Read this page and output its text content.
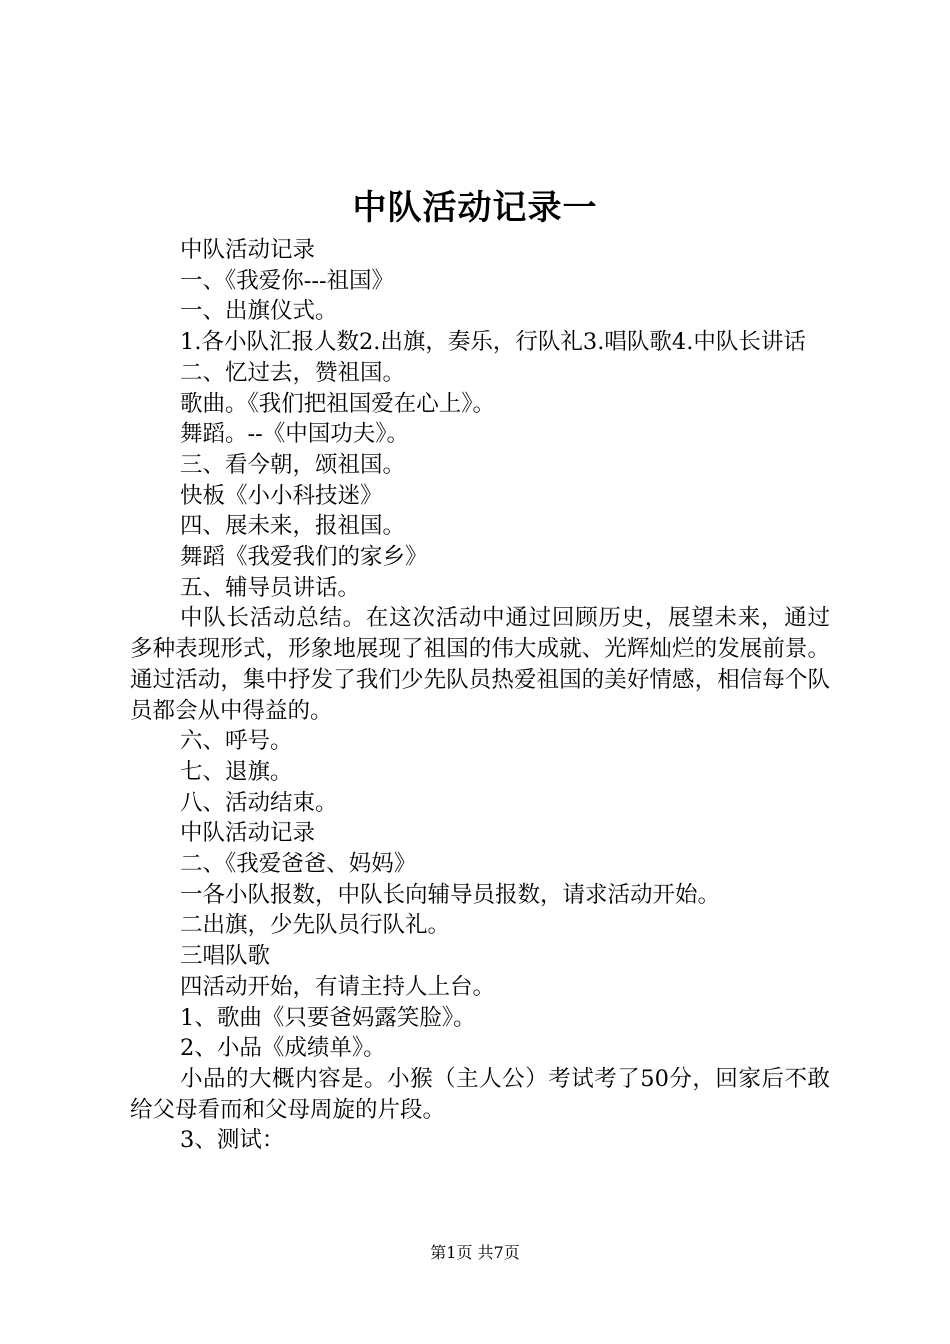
中队活动记录一

中队活动记录

一、《我爱你---祖国》

一、出旗仪式。

1.各小队汇报人数2.出旗，奏乐，行队礼3.唱队歌4.中队长讲话

二、忆过去，赞祖国。

歌曲。《我们把祖国爱在心上》。

舞蹈。--《中国功夫》。

三、看今朝，颂祖国。

快板《小小科技迷》

四、展未来，报祖国。

舞蹈《我爱我们的家乡》

五、辅导员讲话。

中队长活动总结。在这次活动中通过回顾历史，展望未来，通过多种表现形式，形象地展现了祖国的伟大成就、光辉灿烂的发展前景。通过活动，集中抒发了我们少先队员热爱祖国的美好情感，相信每个队员都会从中得益的。

六、呼号。

七、退旗。

八、活动结束。

中队活动记录

二、《我爱爸爸、妈妈》

一各小队报数，中队长向辅导员报数，请求活动开始。

二出旗，少先队员行队礼。

三唱队歌

四活动开始，有请主持人上台。

1、歌曲《只要爸妈露笑脸》。

2、小品《成绩单》。

小品的大概内容是。小猴（主人公）考试考了50分，回家后不敢给父母看而和父母周旋的片段。

3、测试：

第1页 共7页
